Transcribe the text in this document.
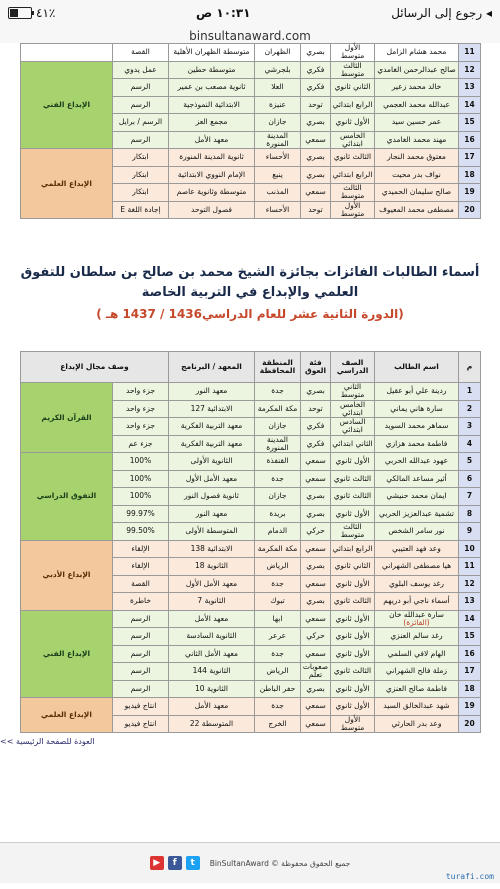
٤١٪	١٠:٣١ ص	◂ رجوع إلى الرسائل
binsultanaward.com
11	محمد هشام الزامل	الأول متوسط	بصري	الظهران	متوسطة الظهران الأهلية	القصة	
12	صالح عبدالرحمن الغامدي	الثالث متوسط	فكري	بلجرشي	متوسطة حطين	عمل يدوي	الإبداع الفني
13	خالد محمد زعير	الثاني ثانوي	فكري	العلا	ثانوية مصعب بن عمير	الرسم	
14	عبدالله محمد العجمي	الرابع ابتدائي	توحد	عنيزة	الابتدائية النموذجية	الرسم	
15	عمر حسين سيد	الأول ثانوي	بصري	جازان	مجمع العز	الرسم / برايل	
16	مهند محمد الغامدي	الخامس ابتدائي	سمعي	المدينة المنورة	معهد الأمل	الرسم	
17	معتوق محمد النجار	الثالث ثانوي	بصري	الأحساء	ثانوية المدينة المنورة	ابتكار	الإبداع العلمي
18	نواف بدر محيت	الرابع ابتدائي	بصري	ينبع	الإمام النووي الابتدائية	ابتكار	
19	صالح سليمان الحميدي	الثالث متوسط	سمعي	المذنب	متوسطة وثانوية عاصم	ابتكار	
20	مصطفى محمد المعيوف	الأول متوسط	توحد	الأحساء	فصول التوحد	إجادة اللغة E	
أسماء الطالبات الفائزات بجائزة الشيخ محمد بن صالح بن سلطان للتفوق
العلمي والإبداع في التربية الخاصة
(الدورة الثانية عشر للعام الدراسي1436 / 1437 هـ )
م	اسم الطالب	الصف الدراسي	فئة العوق	المنطقة المحافظة	المعهد / البرنامج	وصف مجال الإبداع	
1	ردينة علي أبو عقيل	الثاني متوسط	بصري	جدة	معهد النور	جزء واحد	القرآن الكريم
2	سارة هاني يماني	الخامس ابتدائي	توحد	مكة المكرمة	الابتدائية 127	جزء واحد	
3	سماهر محمد السويد	السادس ابتدائي	فكري	جازان	معهد التربية الفكرية	جزء واحد	
4	فاطمة محمد هزازي	الثاني ابتدائي	فكري	المدينة المنورة	معهد التربية الفكرية	جزء عم	
5	عهود عبدالله الحربي	الأول ثانوي	سمعي	القنفذة	الثانوية الأولى	100%	التفوق الدراسي
6	أثير مساعد المالكي	الثالث ثانوي	سمعي	جدة	معهد الأمل الأول	100%	
7	ايمان محمد حنيشي	الثالث ثانوي	بصري	جازان	ثانوية فصول النور	100%	
8	تشمية عبدالعزيز الحربي	الأول ثانوي	بصري	بريدة	معهد النور	99.97%	
9	نور سامر الشخص	الثالث متوسط	حركي	الدمام	المتوسطة الأولى	99.50%	
10	وعد فهد العتيبي	الرابع ابتدائي	سمعي	مكة المكرمة	الابتدائية 138	الإلقاء	الإبداع الأدبي
11	هيا مصطفى الشهراني	الثاني ثانوي	بصري	الرياض	الثانوية 18	الإلقاء	
12	رغد يوسف البلوي	الأول ثانوي	سمعي	جدة	معهد الأمل الأول	القصة	
13	أسماء ناجي أبو دريهم	الثالث ثانوي	بصري	تبوك	الثانوية 7	خاطرة	
14	سارة عبدالله خان (الفائزة)	الأول ثانوي	سمعي	ابها	معهد الأمل	الرسم	الإبداع الفني
15	رغد سالم العنزي	الأول ثانوي	حركي	عرعر	الثانوية السادسة	الرسم	
16	الهام لافي السلمي	الأول ثانوي	سمعي	جدة	معهد الأمل الثاني	الرسم	
17	زملة فالح الشهراني	الثالث ثانوي	صعوبات تعلم	الرياض	الثانوية 144	الرسم	
18	فاطمة صالح العنزي	الأول ثانوي	بصري	حفر الباطن	الثانوية 10	الرسم	
19	شهد عبدالخالق السيد	الأول ثانوي	سمعي	جدة	معهد الأمل	انتاج فيديو	الإبداع العلمي
20	وعد بدر الحارثي	الأول متوسط	سمعي	الخرج	المتوسطة 22	انتاج فيديو	
العودة للصفحة الرئيسية >>
▶	f	t	جميع الحقوق محفوظة © BinSultanAward
turafi.com
